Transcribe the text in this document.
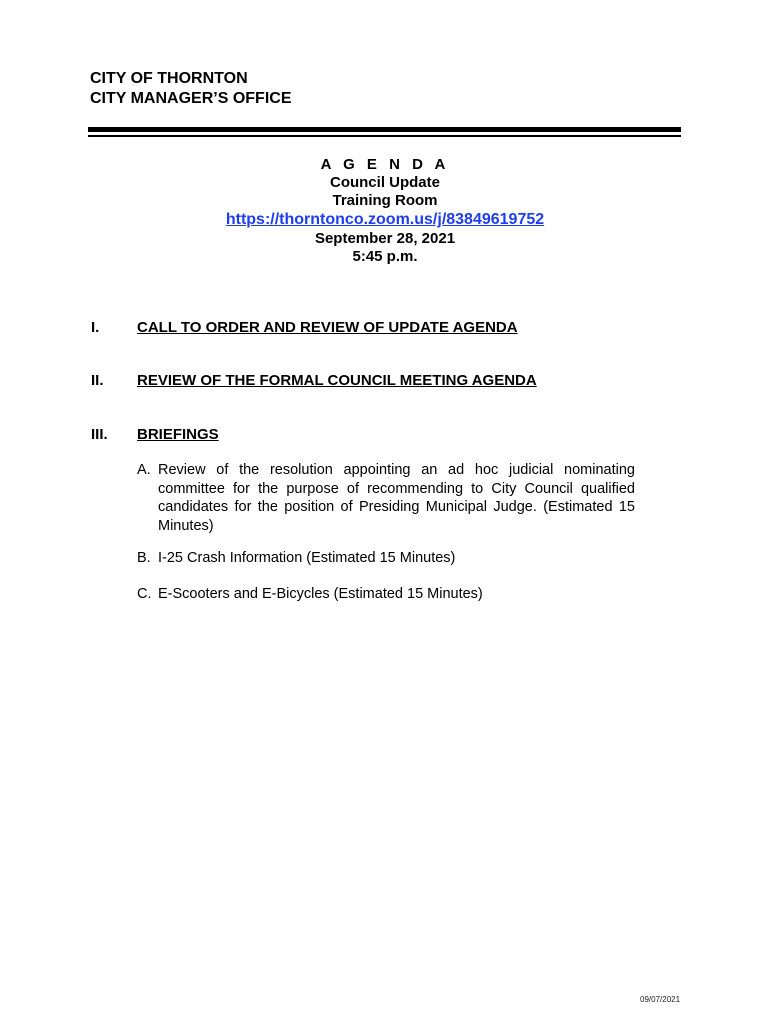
CITY OF THORNTON
CITY MANAGER’S OFFICE
A G E N D A
Council Update
Training Room
https://thorntonco.zoom.us/j/83849619752
September 28, 2021
5:45 p.m.
I.	CALL TO ORDER AND REVIEW OF UPDATE AGENDA
II. REVIEW OF THE FORMAL COUNCIL MEETING AGENDA
III. BRIEFINGS
A. Review of the resolution appointing an ad hoc judicial nominating committee for the purpose of recommending to City Council qualified candidates for the position of Presiding Municipal Judge. (Estimated 15 Minutes)
B. I-25 Crash Information (Estimated 15 Minutes)
C. E-Scooters and E-Bicycles (Estimated 15 Minutes)
09/07/2021
